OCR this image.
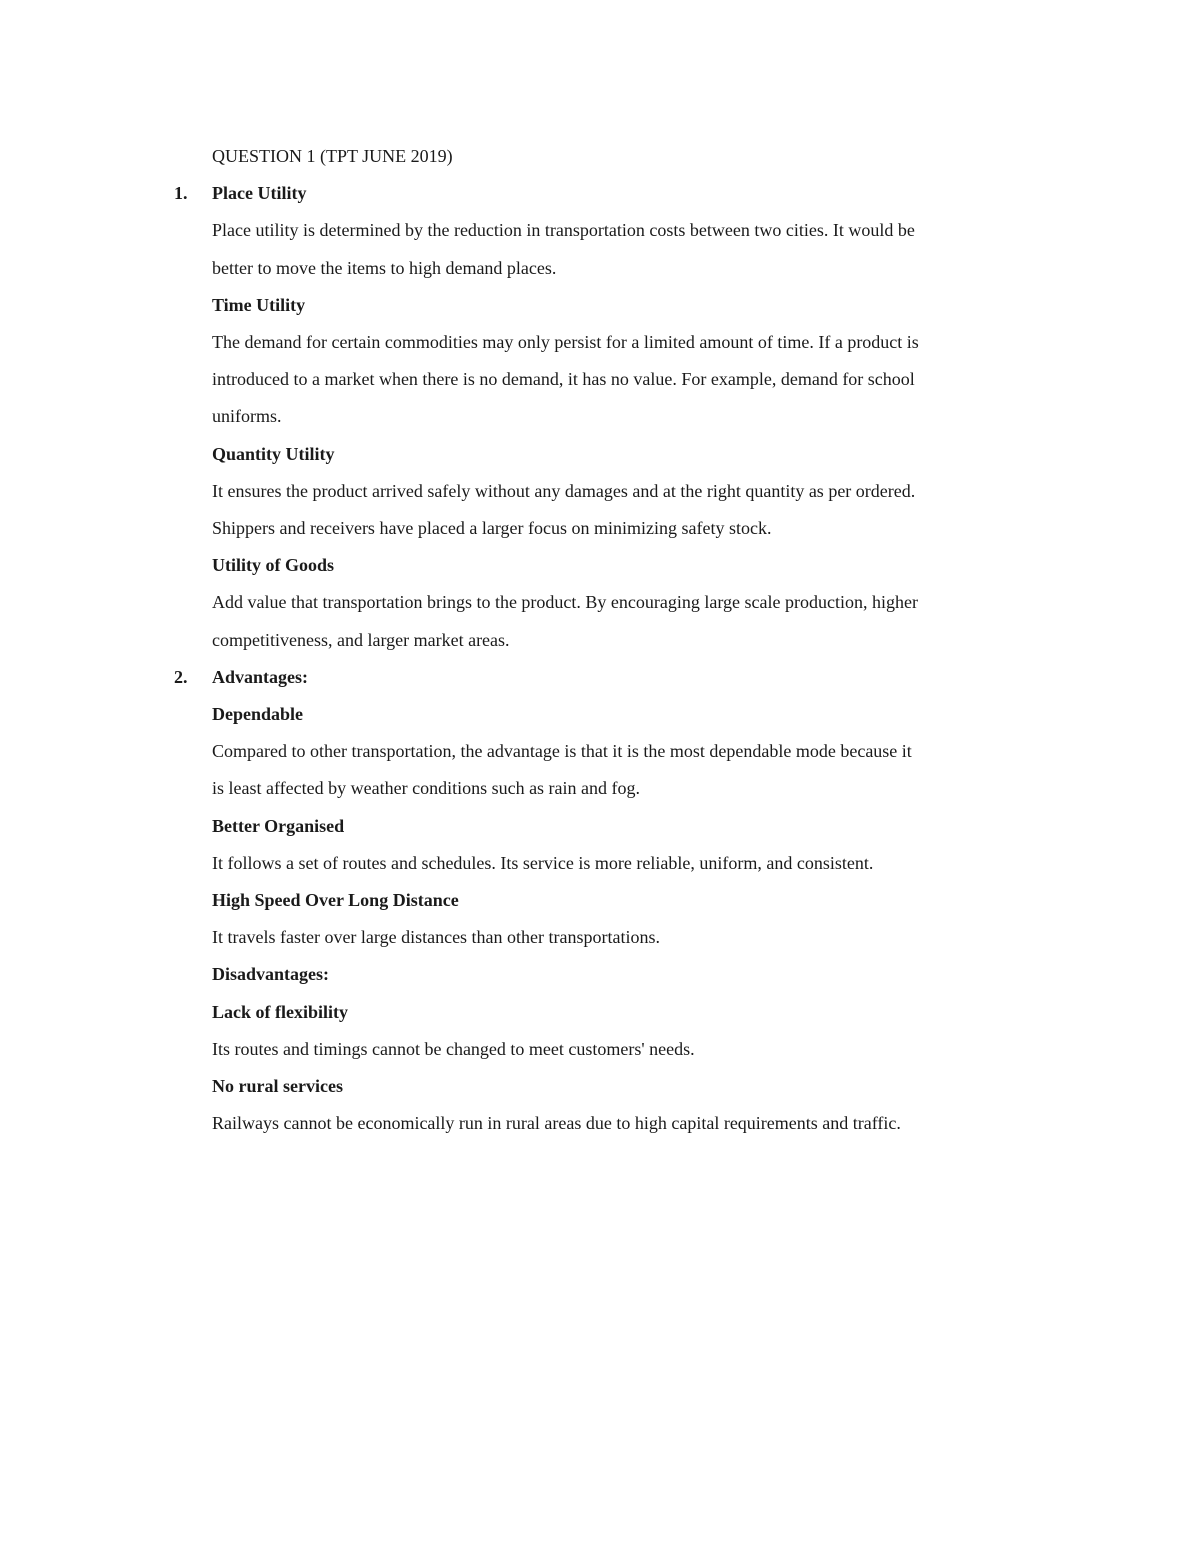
QUESTION 1 (TPT JUNE 2019)
1. Place Utility
Place utility is determined by the reduction in transportation costs between two cities. It would be
better to move the items to high demand places.
Time Utility
The demand for certain commodities may only persist for a limited amount of time. If a product is
introduced to a market when there is no demand, it has no value. For example, demand for school
uniforms.
Quantity Utility
It ensures the product arrived safely without any damages and at the right quantity as per ordered.
Shippers and receivers have placed a larger focus on minimizing safety stock.
Utility of Goods
Add value that transportation brings to the product. By encouraging large scale production, higher
competitiveness, and larger market areas.
2. Advantages:
Dependable
Compared to other transportation, the advantage is that it is the most dependable mode because it
is least affected by weather conditions such as rain and fog.
Better Organised
It follows a set of routes and schedules. Its service is more reliable, uniform, and consistent.
High Speed Over Long Distance
It travels faster over large distances than other transportations.
Disadvantages:
Lack of flexibility
Its routes and timings cannot be changed to meet customers' needs.
No rural services
Railways cannot be economically run in rural areas due to high capital requirements and traffic.
